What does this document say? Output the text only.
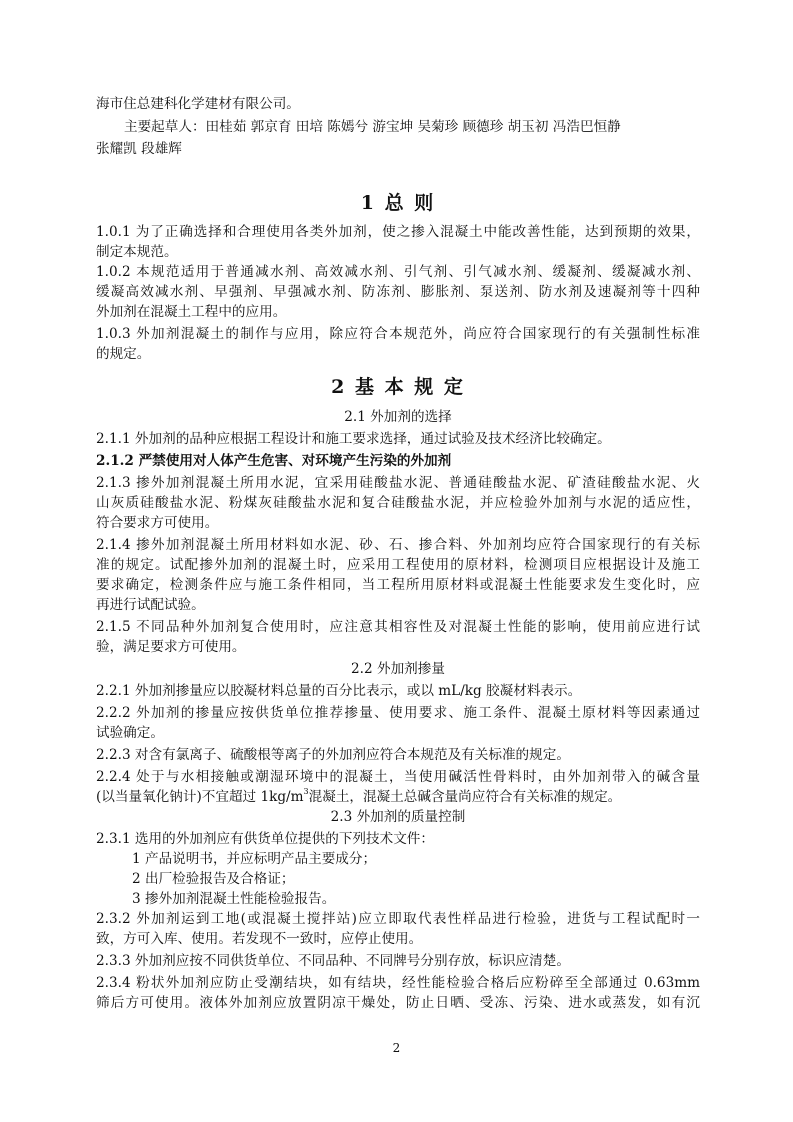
海市住总建科化学建材有限公司。
主要起草人：田桂茹 郭京育 田培 陈嫣兮 游宝坤 吴菊珍 顾德珍 胡玉初 冯浩巴恒静
张耀凯 段雄辉
1 总 则
1.0.1 为了正确选择和合理使用各类外加剂，使之掺入混凝土中能改善性能，达到预期的效果，
制定本规范。
1.0.2 本规范适用于普通减水剂、高效减水剂、引气剂、引气减水剂、缓凝剂、缓凝减水剂、
缓凝高效减水剂、早强剂、早强减水剂、防冻剂、膨胀剂、泵送剂、防水剂及速凝剂等十四种
外加剂在混凝土工程中的应用。
1.0.3 外加剂混凝土的制作与应用，除应符合本规范外，尚应符合国家现行的有关强制性标准
的规定。
2 基 本 规 定
2.1 外加剂的选择
2.1.1 外加剂的品种应根据工程设计和施工要求选择，通过试验及技术经济比较确定。
2.1.2 严禁使用对人体产生危害、对环境产生污染的外加剂
2.1.3 掺外加剂混凝土所用水泥，宜采用硅酸盐水泥、普通硅酸盐水泥、矿渣硅酸盐水泥、火
山灰质硅酸盐水泥、粉煤灰硅酸盐水泥和复合硅酸盐水泥，并应检验外加剂与水泥的适应性，
符合要求方可使用。
2.1.4 掺外加剂混凝土所用材料如水泥、砂、石、掺合料、外加剂均应符合国家现行的有关标
准的规定。试配掺外加剂的混凝土时，应采用工程使用的原材料，检测项目应根据设计及施工
要求确定，检测条件应与施工条件相同，当工程所用原材料或混凝土性能要求发生变化时，应
再进行试配试验。
2.1.5 不同品种外加剂复合使用时，应注意其相容性及对混凝土性能的影响，使用前应进行试
验，满足要求方可使用。
2.2 外加剂掺量
2.2.1 外加剂掺量应以胶凝材料总量的百分比表示，或以 mL/kg 胶凝材料表示。
2.2.2 外加剂的掺量应按供货单位推荐掺量、使用要求、施工条件、混凝土原材料等因素通过
试验确定。
2.2.3 对含有氯离子、硫酸根等离子的外加剂应符合本规范及有关标准的规定。
2.2.4 处于与水相接触或潮湿环境中的混凝土，当使用碱活性骨料时，由外加剂带入的碱含量
(以当量氧化钠计)不宜超过 $1kg/m^3$混凝土，混凝土总碱含量尚应符合有关标准的规定。
2.3 外加剂的质量控制
2.3.1 选用的外加剂应有供货单位提供的下列技术文件：
1 产品说明书，并应标明产品主要成分；
2 出厂检验报告及合格证；
3 掺外加剂混凝土性能检验报告。
2.3.2 外加剂运到工地(或混凝土搅拌站)应立即取代表性样品进行检验，进货与工程试配时一
致，方可入库、使用。若发现不一致时，应停止使用。
2.3.3 外加剂应按不同供货单位、不同品种、不同牌号分别存放，标识应清楚。
2.3.4 粉状外加剂应防止受潮结块，如有结块，经性能检验合格后应粉碎至全部通过 0.63mm
筛后方可使用。液体外加剂应放置阴凉干燥处，防止日晒、受冻、污染、进水或蒸发，如有沉
2
